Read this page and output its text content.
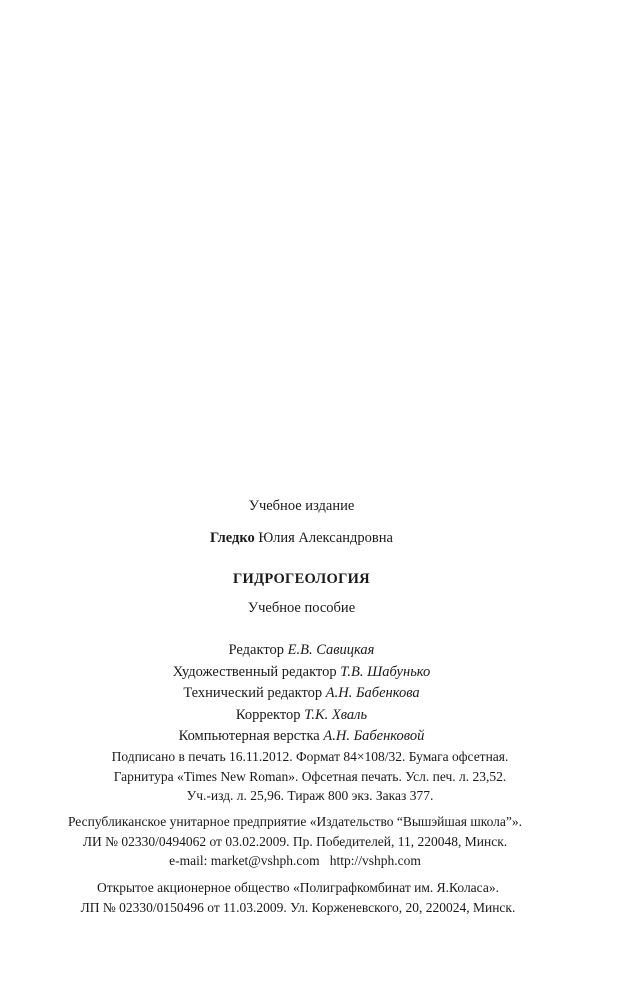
Учебное издание
Гледко Юлия Александровна
ГИДРОГЕОЛОГИЯ
Учебное пособие
Редактор Е.В. Савицкая
Художественный редактор Т.В. Шабунько
Технический редактор А.Н. Бабенкова
Корректор Т.К. Хваль
Компьютерная верстка А.Н. Бабенковой
Подписано в печать 16.11.2012. Формат 84×108/32. Бумага офсетная.
Гарнитура «Times New Roman». Офсетная печать. Усл. печ. л. 23,52.
Уч.-изд. л. 25,96. Тираж 800 экз. Заказ 377.
Республиканское унитарное предприятие «Издательство “Вышэйшая школа”».
ЛИ № 02330/0494062 от 03.02.2009. Пр. Победителей, 11, 220048, Минск.
e-mail: market@vshph.com   http://vshph.com
Открытое акционерное общество «Полиграфкомбинат им. Я.Коласа».
ЛП № 02330/0150496 от 11.03.2009. Ул. Корженевского, 20, 220024, Минск.
